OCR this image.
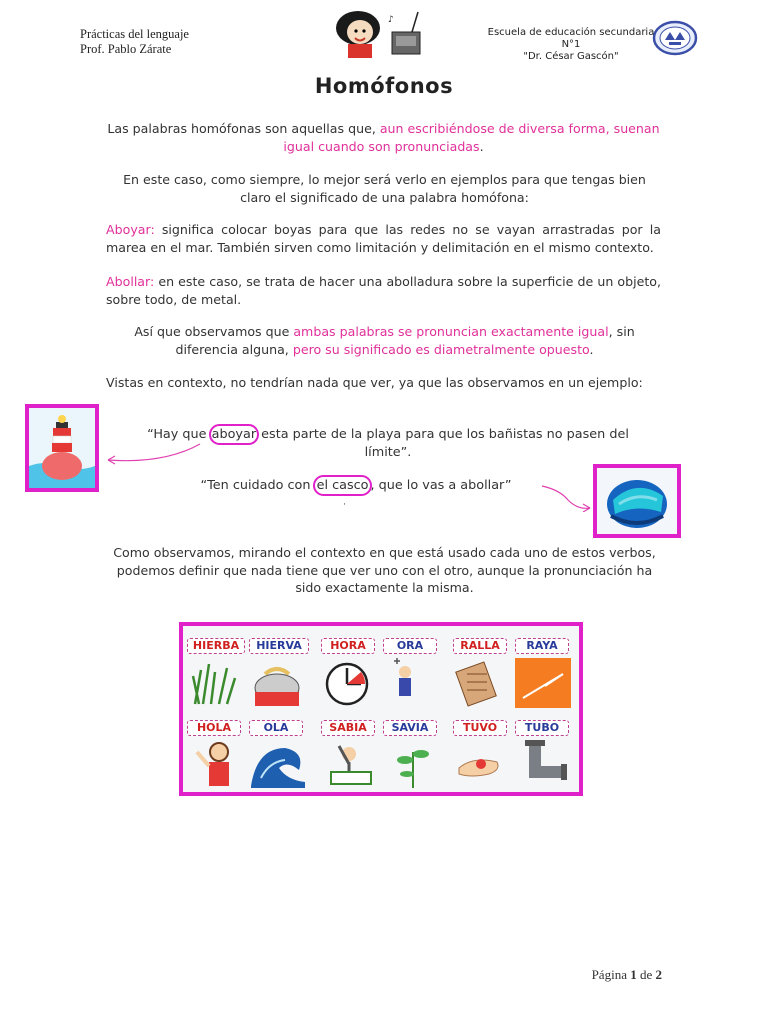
Prácticas del lenguaje
Prof. Pablo Zárate
♪
Escuela de educación secundaria N°1
"Dr. César Gascón"
Homófonos
Las palabras homófonas son aquellas que, aun escribiéndose de diversa forma, suenan igual cuando son pronunciadas.
En este caso, como siempre, lo mejor será verlo en ejemplos para que tengas bien claro el significado de una palabra homófona:
Aboyar: significa colocar boyas para que las redes no se vayan arrastradas por la marea en el mar. También sirven como limitación y delimitación en el mismo contexto.
Abollar: en este caso, se trata de hacer una abolladura sobre la superficie de un objeto, sobre todo, de metal.
Así que observamos que ambas palabras se pronuncian exactamente igual, sin diferencia alguna, pero su significado es diametralmente opuesto.
Vistas en contexto, no tendrían nada que ver, ya que las observamos en un ejemplo:
“Hay que aboyar esta parte de la playa para que los bañistas no pasen del límite”.
“Ten cuidado con el casco , que lo vas a abollar”
·
Como observamos, mirando el contexto en que está usado cada uno de estos verbos, podemos definir que nada tiene que ver uno con el otro, aunque la pronunciación ha sido exactamente la misma.
HIERBA	HIERVA	HORA	ORA	RALLA	RAYA
HOLA	OLA	SABIA	SAVIA	TUVO	TUBO
Página 1 de 2
